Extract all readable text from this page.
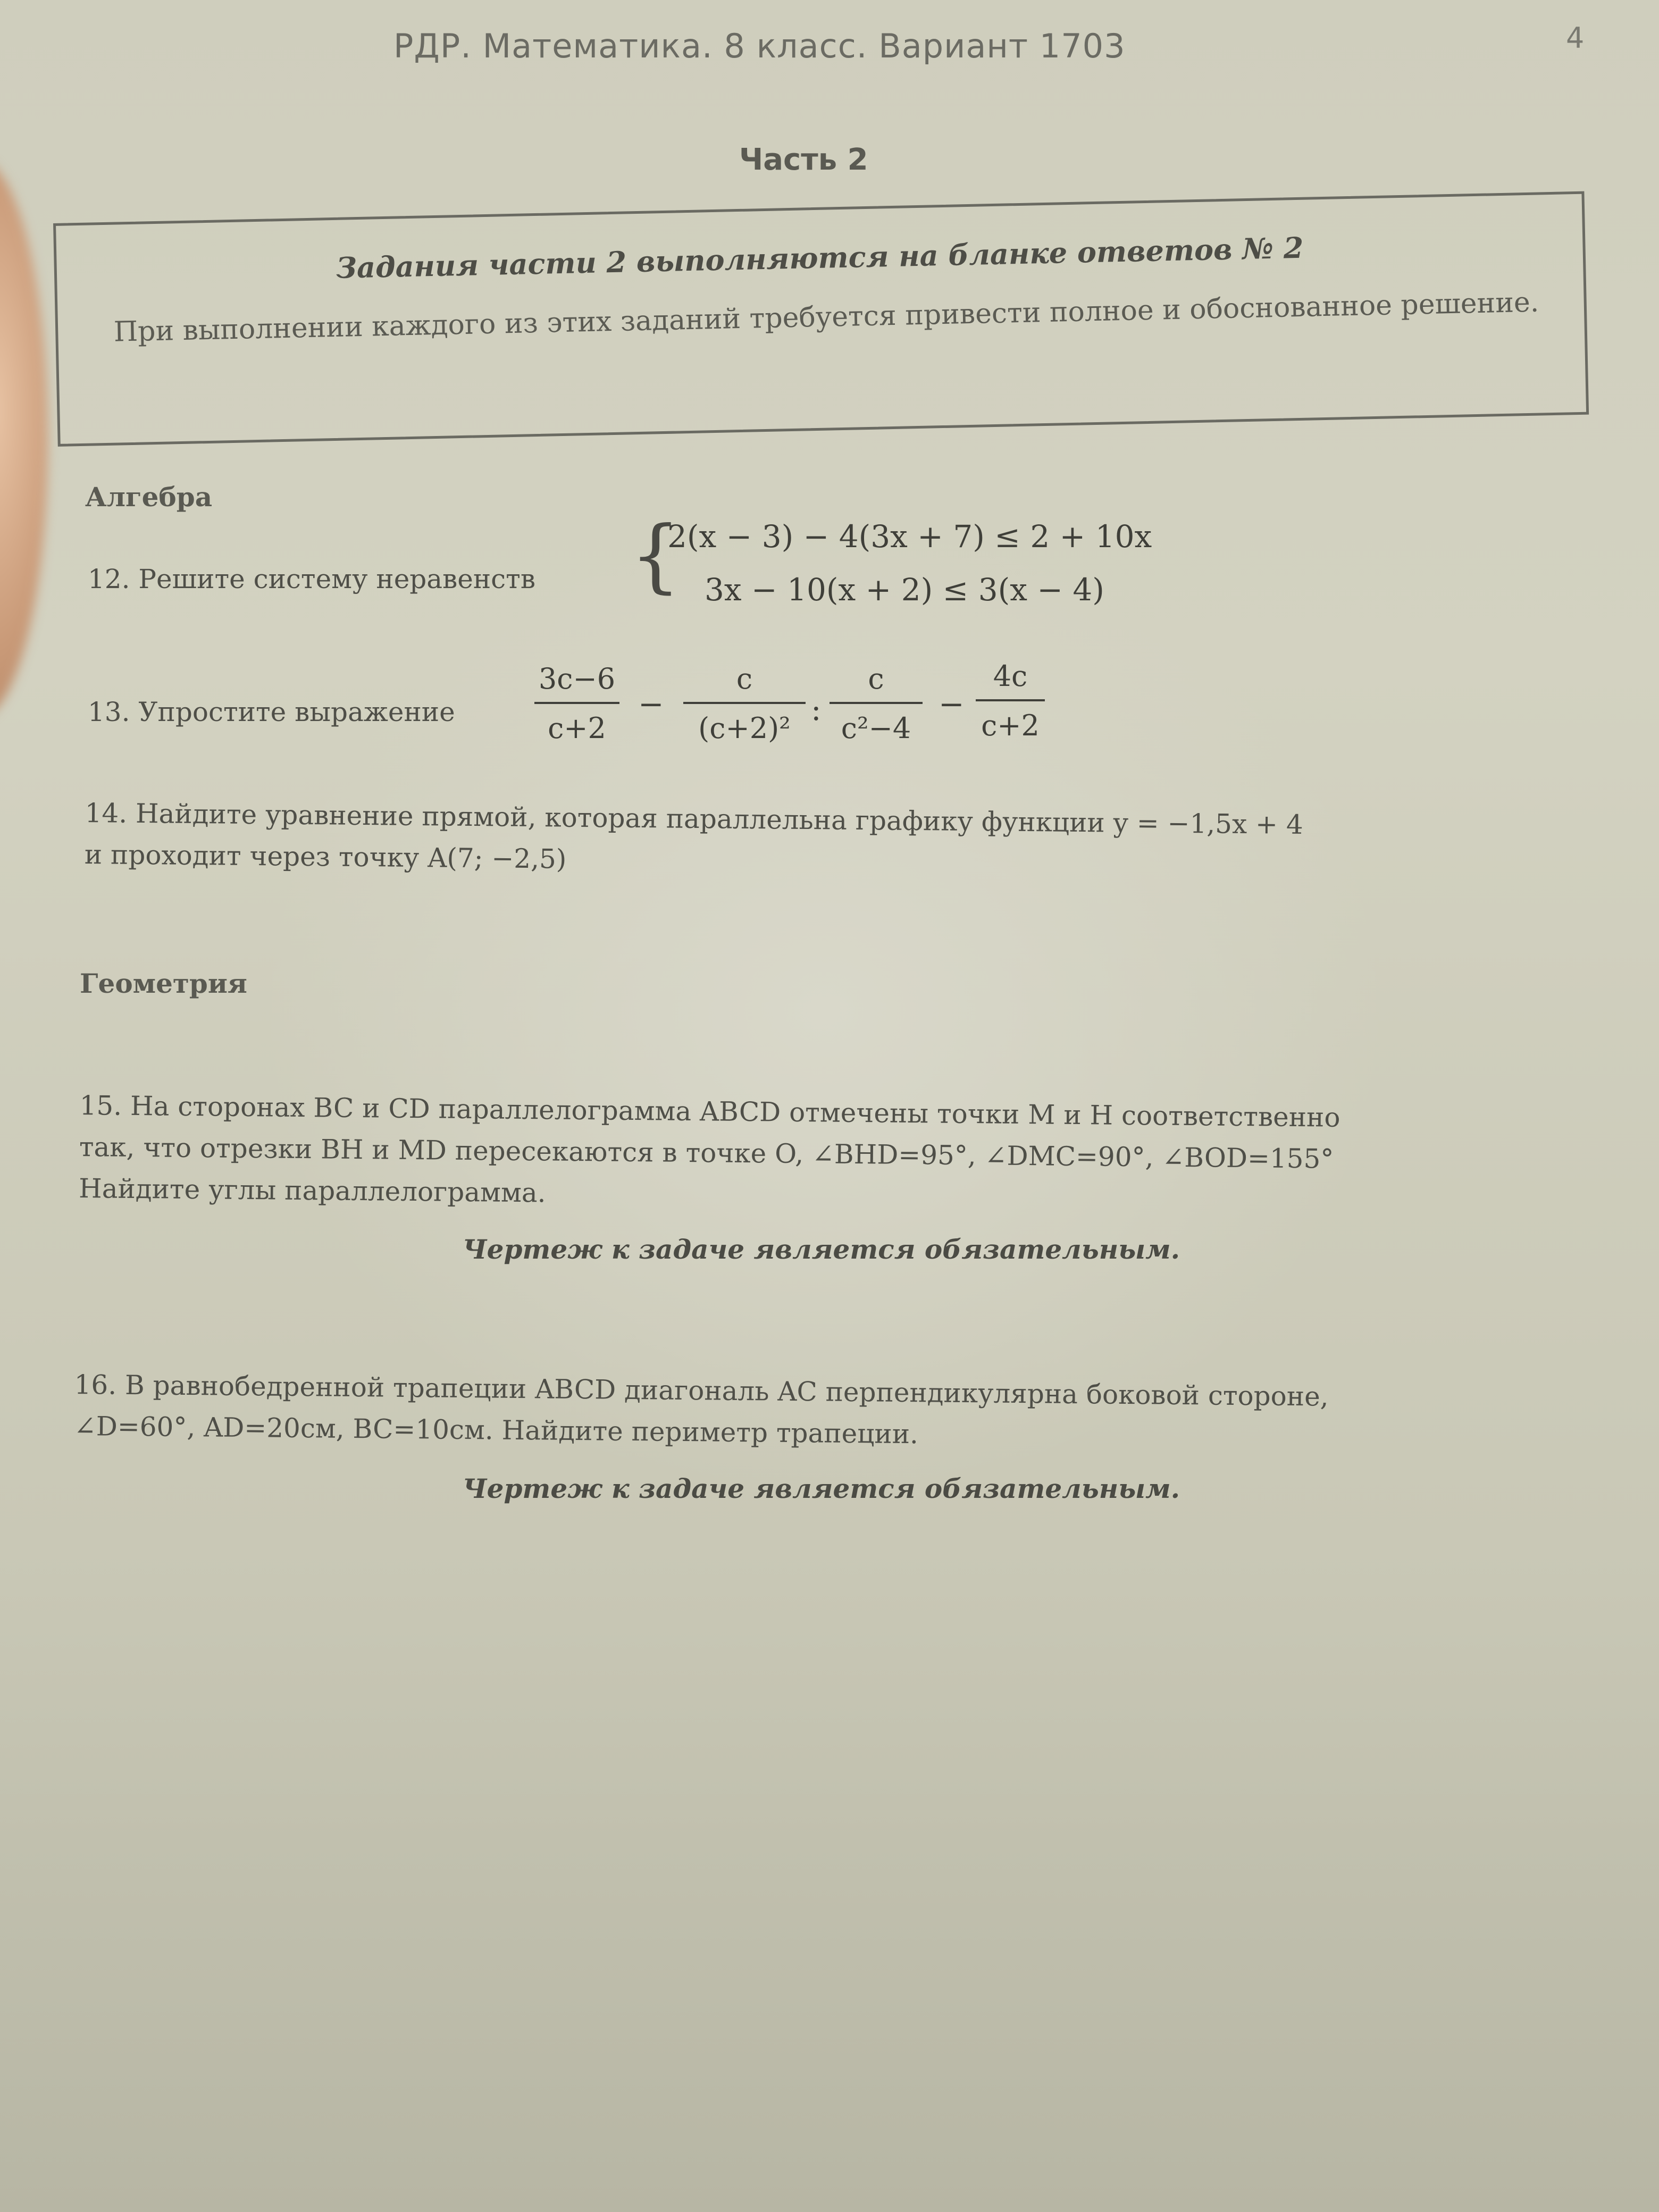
РДР. Математика. 8 класс. Вариант 1703	4
Часть 2
Задания части 2 выполняются на бланке ответов № 2
При выполнении каждого из этих заданий требуется привести полное и обоснованное решение.
Алгебра
12. Решите систему неравенств {
2(x − 3) − 4(3x + 7) ≤ 2 + 10x
3x − 10(x + 2) ≤ 3(x − 4)
13. Упростите выражение
3c−6
c+2
−
c
(c+2)²
:
c
c²−4
−
4c
c+2
14. Найдите уравнение прямой, которая параллельна графику функции y = −1,5x + 4
и проходит через точку A(7; −2,5)
Геометрия
15. На сторонах BC и CD параллелограмма ABCD отмечены точки M и H соответственно
так, что отрезки BH и MD пересекаются в точке O, ∠BHD=95°, ∠DMC=90°, ∠BOD=155°
Найдите углы параллелограмма.
Чертеж к задаче является обязательным.
16. В равнобедренной трапеции ABCD диагональ AC перпендикулярна боковой стороне,
∠D=60°, AD=20см, BC=10см. Найдите периметр трапеции.
Чертеж к задаче является обязательным.
